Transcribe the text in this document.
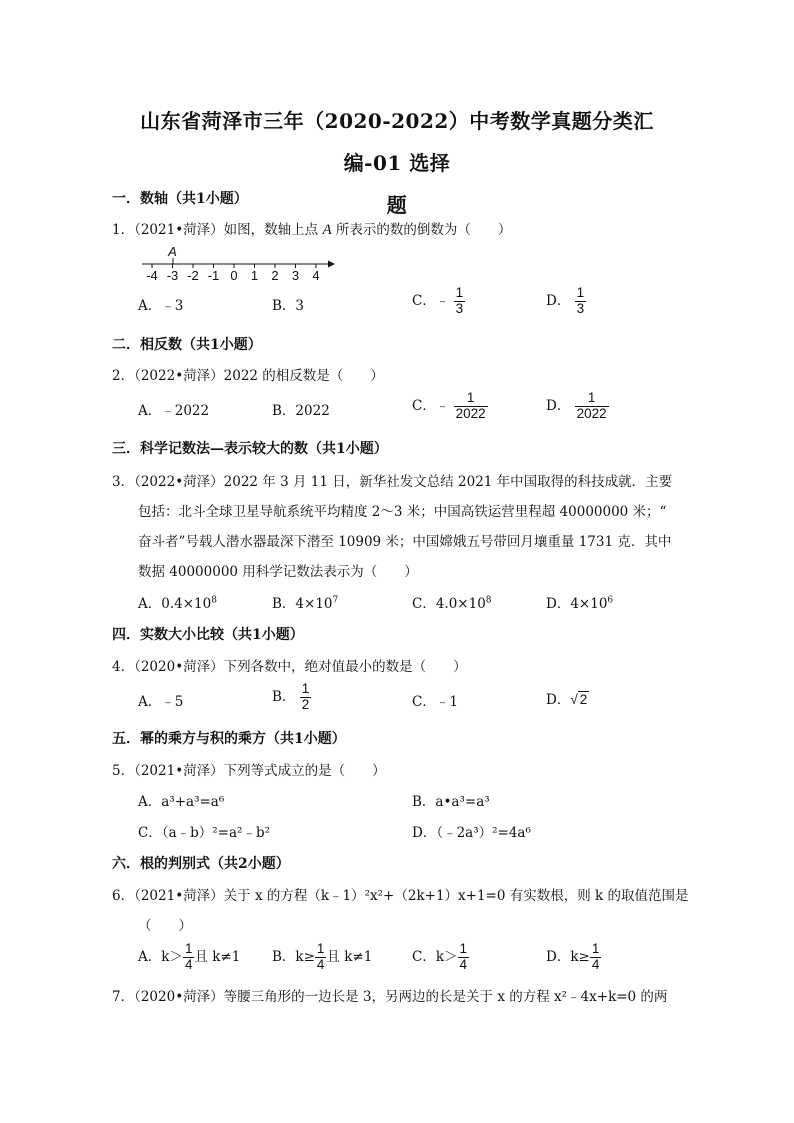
山东省菏泽市三年（2020-2022）中考数学真题分类汇编-01 选择
题
一．数轴（共1小题）
1．（2021•菏泽）如图，数轴上点 A 所表示的数的倒数为（　　）
-4 -3 -2 -1 0 1 2 3 4
A
A．﹣3	B．3	C．﹣ $\frac{1}{3}$	D． $\frac{1}{3}$
二．相反数（共1小题）
2．（2022•菏泽）2022 的相反数是（　　）
A．﹣2022	B．2022	C．﹣ $\frac{1}{2022}$	D． $\frac{1}{2022}$
三．科学记数法—表示较大的数（共1小题）
3．（2022•菏泽）2022 年 3 月 11 日，新华社发文总结 2021 年中国取得的科技成就．主要
包括：北斗全球卫星导航系统平均精度 2～3 米；中国高铁运营里程超 40000000 米；“
奋斗者”号载人潜水器最深下潜至 10909 米；中国嫦娥五号带回月壤重量 1731 克．其中
数据 40000000 用科学记数法表示为（　　）
A．$0.4\times 10^8$	B．$4\times 10^7$	C．$4.0\times 10^8$	D．$4\times 10^6$
四．实数大小比较（共1小题）
4．（2020•菏泽）下列各数中，绝对值最小的数是（　　）
A．﹣5	B． $\frac{1}{2}$	C．﹣1	D．√ 2
五．幂的乘方与积的乘方（共1小题）
5．（2021•菏泽）下列等式成立的是（　　）
A．a³+a³=a⁶	B．a•a³=a³
C．（a﹣b）²=a²﹣b²	D．（﹣2a³）²=4a⁶
六．根的判别式（共2小题）
6．（2021•菏泽）关于 x 的方程（k﹣1）²x²+（2k+1）x+1=0 有实数根，则 k 的取值范围是
（　　）
A．$k> \frac{1}{4}$ 且 k≠1 B．$k\ge \frac{1}{4}$ 且 k≠1	C．$k> \frac{1}{4}$	D．$k\ge \frac{1}{4}$
7．（2020•菏泽）等腰三角形的一边长是 3，另两边的长是关于 x 的方程 x²﹣4x+k=0 的两
